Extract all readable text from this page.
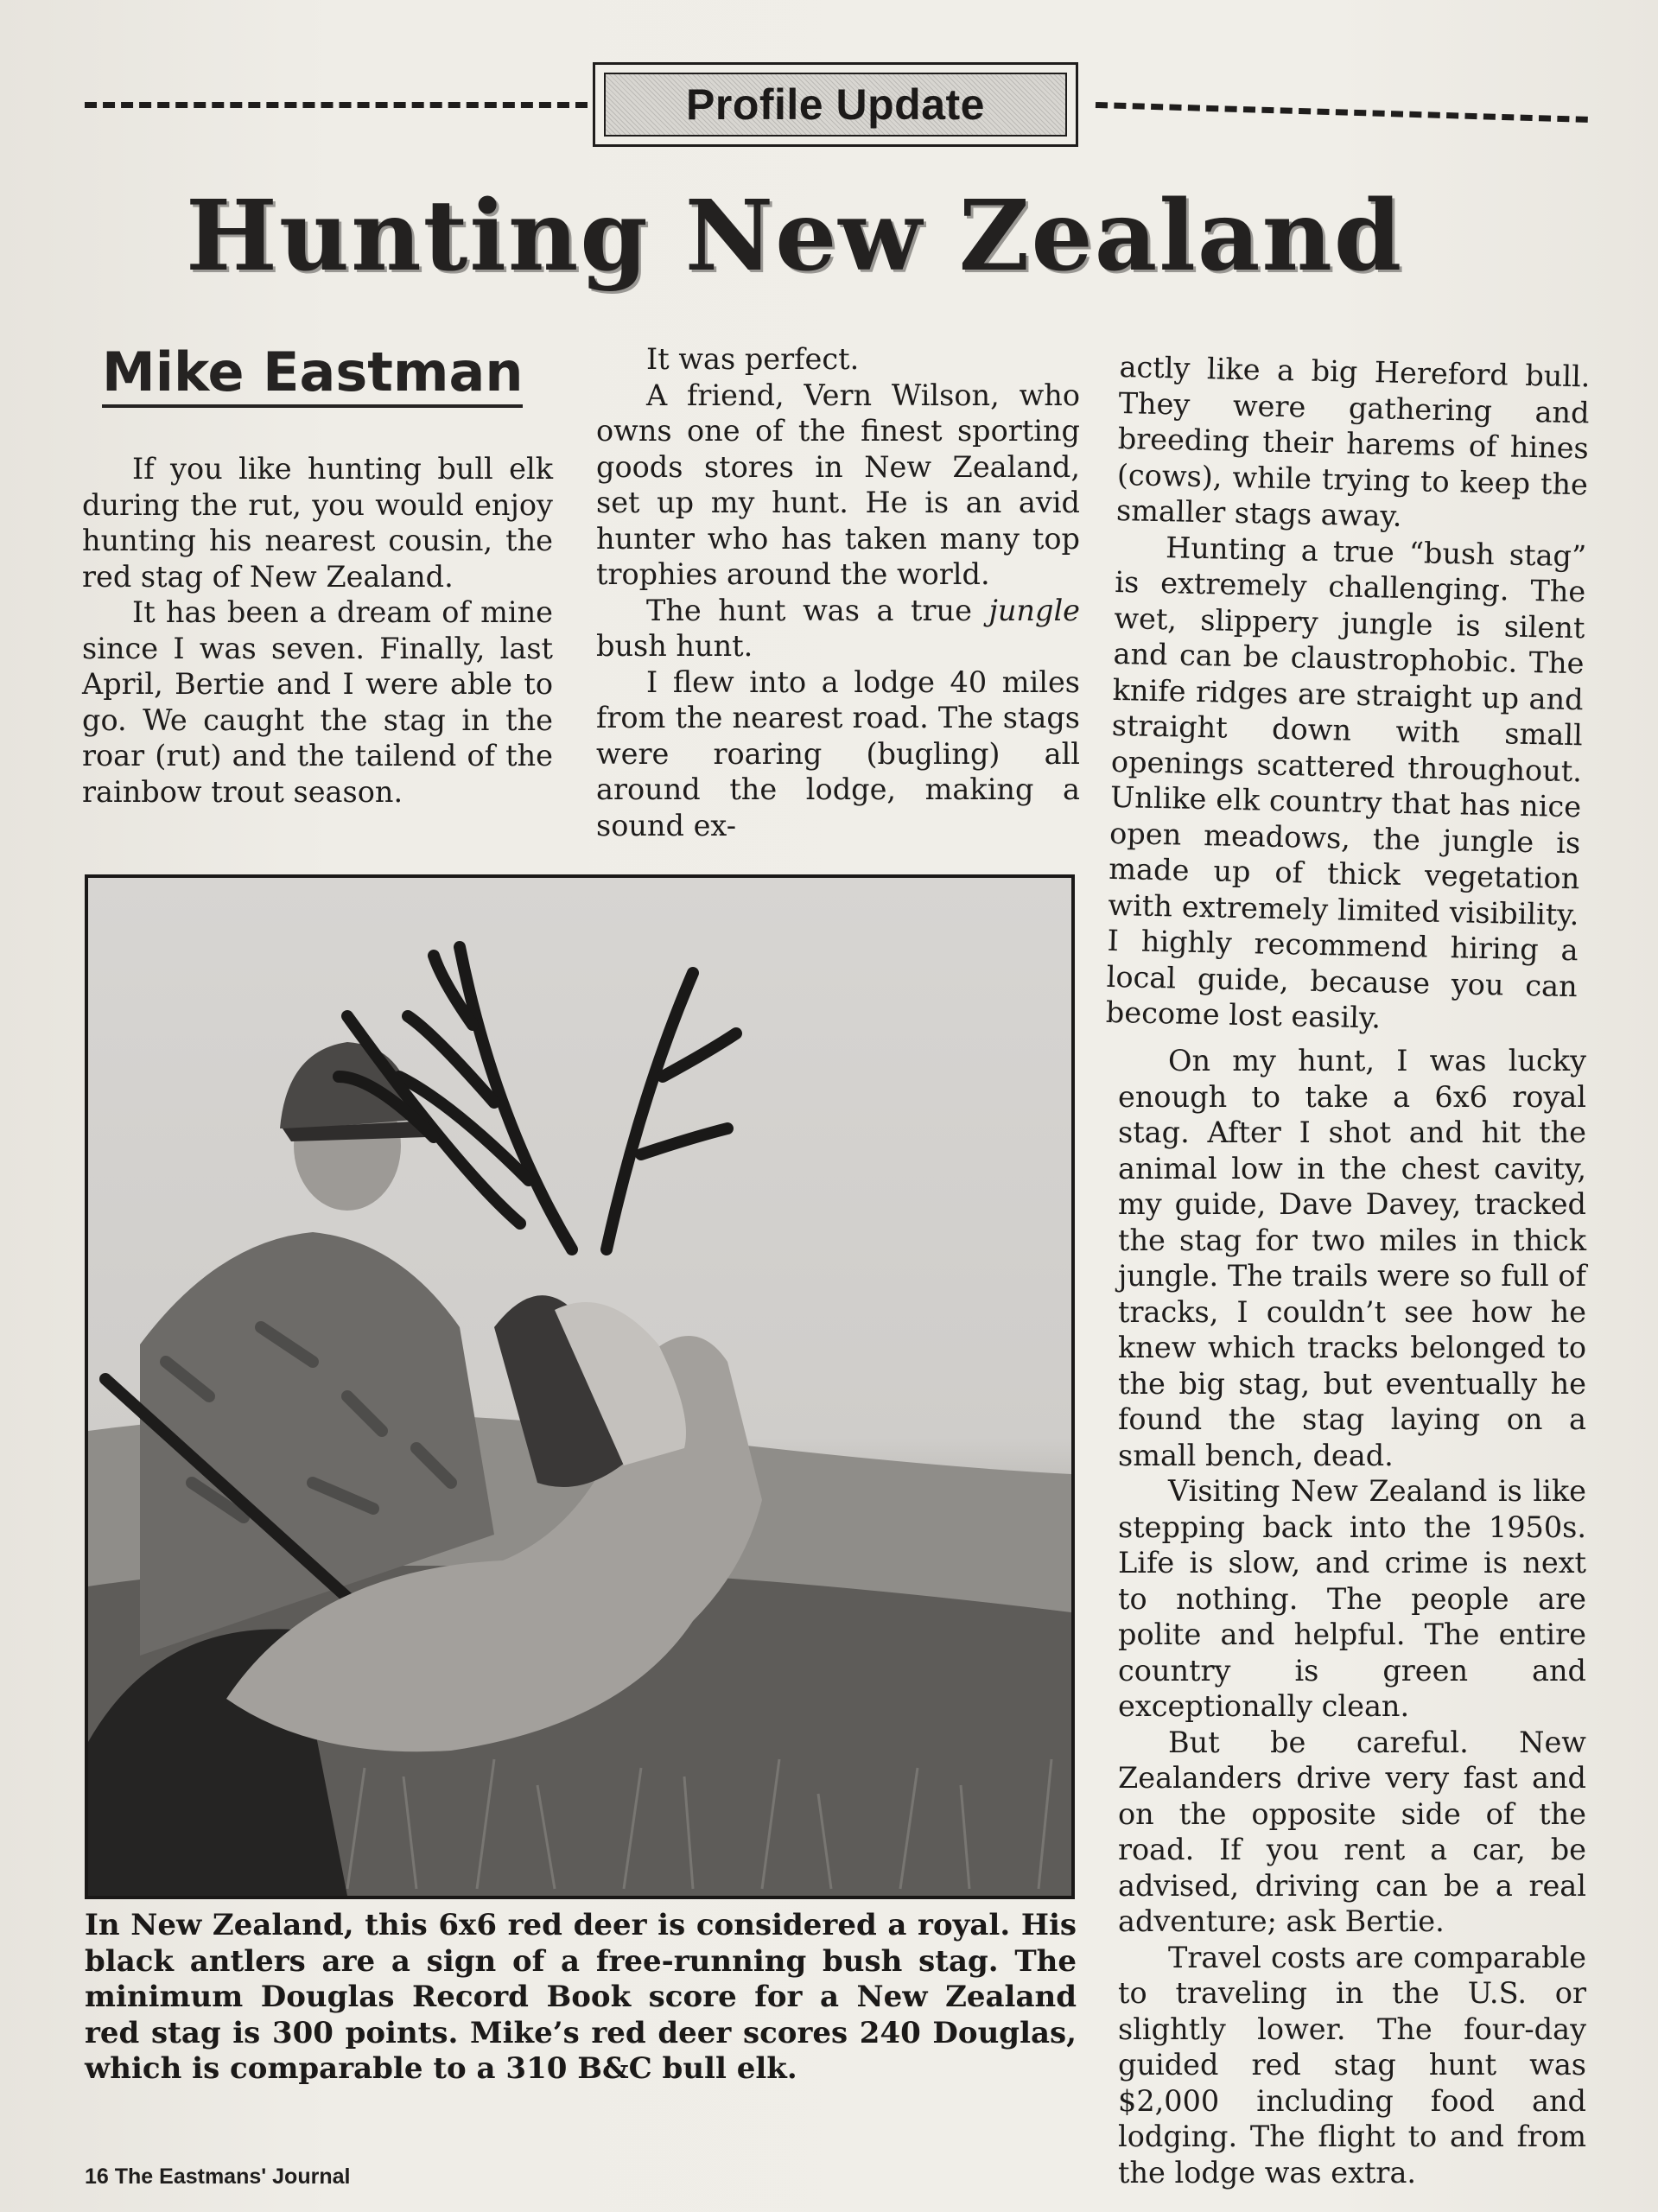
Profile Update
Hunting New Zealand
Mike Eastman

If you like hunting bull elk during the rut, you would enjoy hunting his nearest cousin, the red stag of New Zealand.

It has been a dream of mine since I was seven. Finally, last April, Bertie and I were able to go. We caught the stag in the roar (rut) and the tailend of the rainbow trout season.

It was perfect.

A friend, Vern Wilson, who owns one of the finest sporting goods stores in New Zealand, set up my hunt. He is an avid hunter who has taken many top trophies around the world.

The hunt was a true jungle bush hunt.

I flew into a lodge 40 miles from the nearest road. The stags were roaring (bugling) all around the lodge, making a sound ex-

actly like a big Hereford bull. They were gathering and breeding their harems of hines (cows), while trying to keep the smaller stags away.

Hunting a true “bush stag” is extremely challenging. The wet, slippery jungle is silent and can be claustrophobic. The knife ridges are straight up and straight down with small openings scattered throughout. Unlike elk country that has nice open meadows, the jungle is made up of thick vegetation with extremely limited visibility. I highly recommend hiring a local guide, because you can become lost easily.

On my hunt, I was lucky enough to take a 6x6 royal stag. After I shot and hit the animal low in the chest cavity, my guide, Dave Davey, tracked the stag for two miles in thick jungle. The trails were so full of tracks, I couldn’t see how he knew which tracks belonged to the big stag, but eventually he found the stag laying on a small bench, dead.

Visiting New Zealand is like stepping back into the 1950s. Life is slow, and crime is next to nothing. The people are polite and helpful. The entire country is green and exceptionally clean.

But be careful. New Zealanders drive very fast and on the opposite side of the road. If you rent a car, be advised, driving can be a real adventure; ask Bertie.

Travel costs are comparable to traveling in the U.S. or slightly lower. The four-day guided red stag hunt was $2,000 including food and lodging. The flight to and from the lodge was extra.

In New Zealand, this 6x6 red deer is considered a royal. His black antlers are a sign of a free-running bush stag. The minimum Douglas Record Book score for a New Zealand red stag is 300 points. Mike’s red deer scores 240 Douglas, which is comparable to a 310 B&C bull elk.
16 The Eastmans' Journal
